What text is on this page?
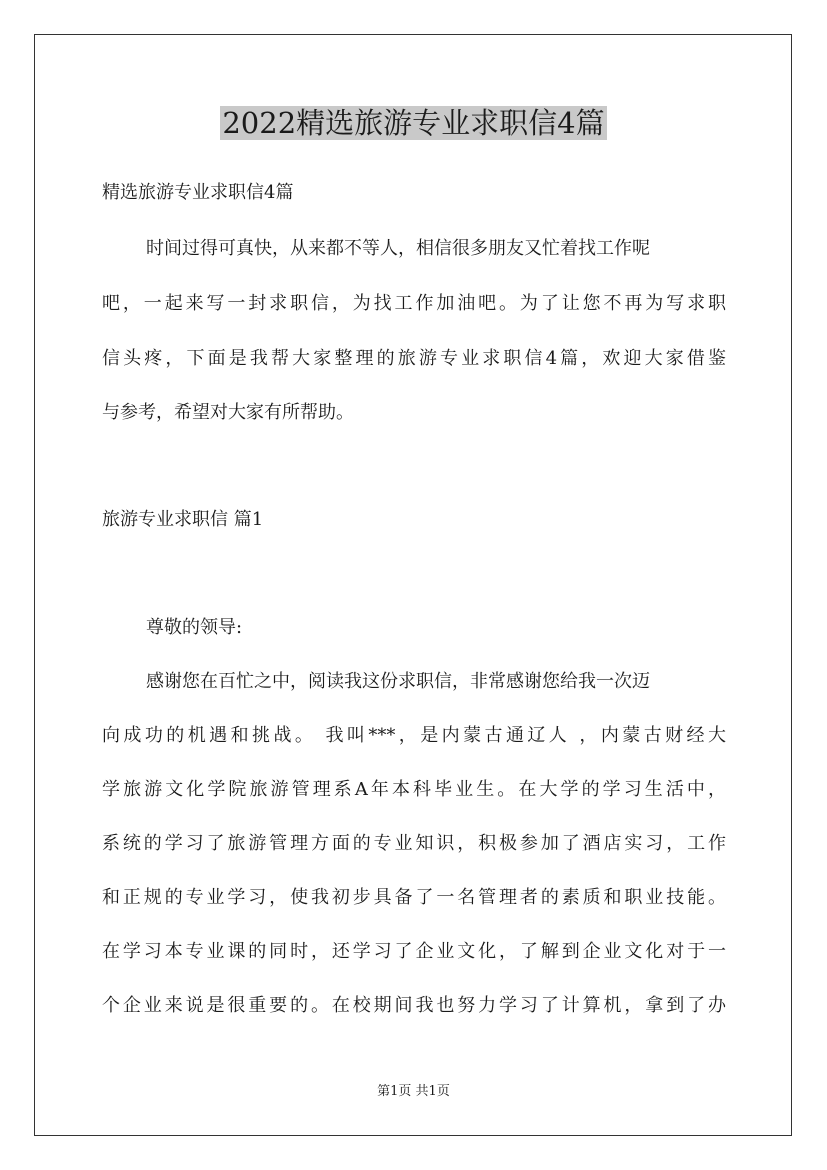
2022精选旅游专业求职信4篇
精选旅游专业求职信4篇
时间过得可真快，从来都不等人，相信很多朋友又忙着找工作呢
吧，一起来写一封求职信，为找工作加油吧。为了让您不再为写求职
信头疼，下面是我帮大家整理的旅游专业求职信4篇，欢迎大家借鉴
与参考，希望对大家有所帮助。
旅游专业求职信 篇1
尊敬的领导:
感谢您在百忙之中，阅读我这份求职信，非常感谢您给我一次迈
向成功的机遇和挑战。 我叫***，是内蒙古通辽人 ，内蒙古财经大
学旅游文化学院旅游管理系A年本科毕业生。在大学的学习生活中，
系统的学习了旅游管理方面的专业知识，积极参加了酒店实习，工作
和正规的专业学习，使我初步具备了一名管理者的素质和职业技能。
在学习本专业课的同时，还学习了企业文化，了解到企业文化对于一
个企业来说是很重要的。在校期间我也努力学习了计算机，拿到了办
第1页 共1页
